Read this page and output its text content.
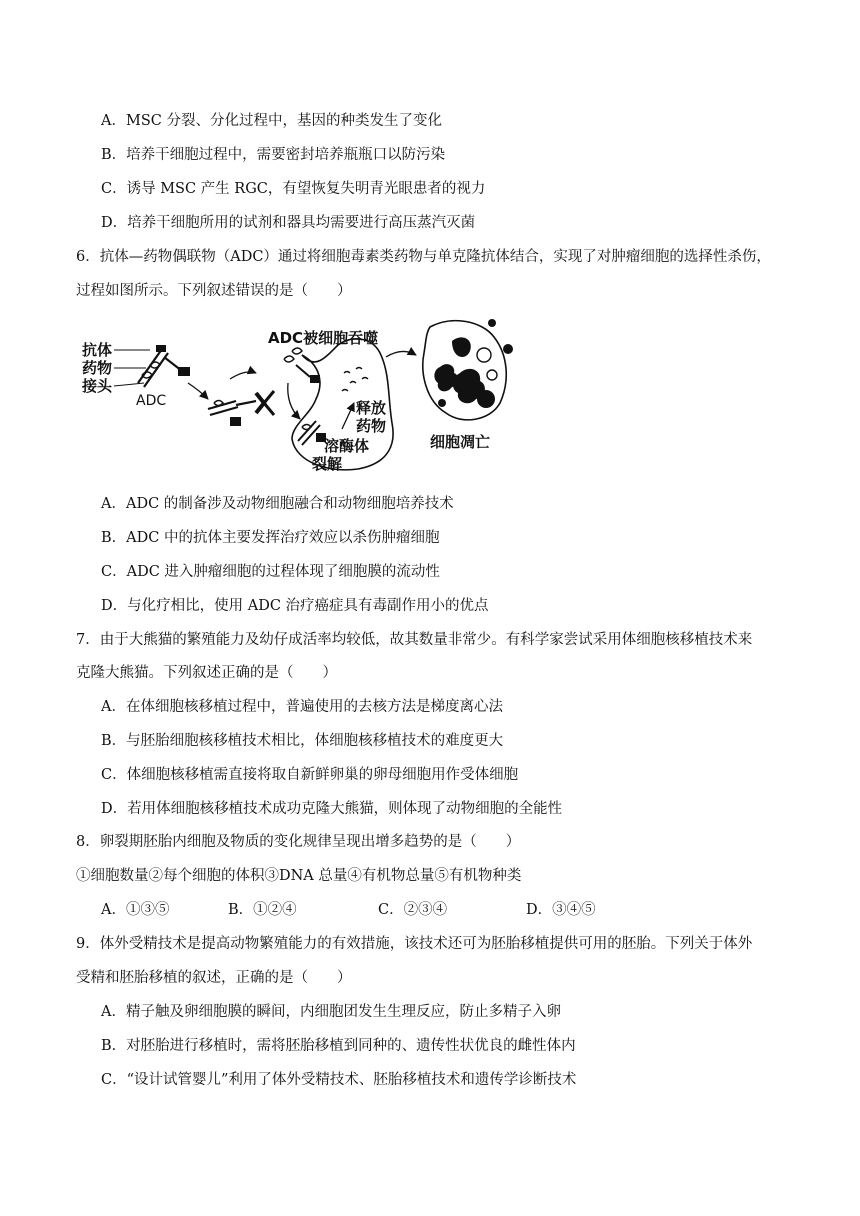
A．MSC 分裂、分化过程中，基因的种类发生了变化
B．培养干细胞过程中，需要密封培养瓶瓶口以防污染
C．诱导 MSC 产生 RGC，有望恢复失明青光眼患者的视力
D．培养干细胞所用的试剂和器具均需要进行高压蒸汽灭菌
6．抗体—药物偶联物（ADC）通过将细胞毒素类药物与单克隆抗体结合，实现了对肿瘤细胞的选择性杀伤，
过程如图所示。下列叙述错误的是（　　）
抗体
药物
接头
ADC
ADC被细胞吞噬
溶酶体
裂解
释放
药物
细胞凋亡
A．ADC 的制备涉及动物细胞融合和动物细胞培养技术
B．ADC 中的抗体主要发挥治疗效应以杀伤肿瘤细胞
C．ADC 进入肿瘤细胞的过程体现了细胞膜的流动性
D．与化疗相比，使用 ADC 治疗癌症具有毒副作用小的优点
7．由于大熊猫的繁殖能力及幼仔成活率均较低，故其数量非常少。有科学家尝试采用体细胞核移植技术来
克隆大熊猫。下列叙述正确的是（　　）
A．在体细胞核移植过程中，普遍使用的去核方法是梯度离心法
B．与胚胎细胞核移植技术相比，体细胞核移植技术的难度更大
C．体细胞核移植需直接将取自新鲜卵巢的卵母细胞用作受体细胞
D．若用体细胞核移植技术成功克隆大熊猫，则体现了动物细胞的全能性
8．卵裂期胚胎内细胞及物质的变化规律呈现出增多趋势的是（　　）
①细胞数量②每个细胞的体积③DNA 总量④有机物总量⑤有机物种类
A．①③⑤	B．①②④	C．②③④	D．③④⑤
9．体外受精技术是提高动物繁殖能力的有效措施，该技术还可为胚胎移植提供可用的胚胎。下列关于体外
受精和胚胎移植的叙述，正确的是（　　）
A．精子触及卵细胞膜的瞬间，内细胞团发生生理反应，防止多精子入卵
B．对胚胎进行移植时，需将胚胎移植到同种的、遗传性状优良的雌性体内
C．“设计试管婴儿”利用了体外受精技术、胚胎移植技术和遗传学诊断技术
